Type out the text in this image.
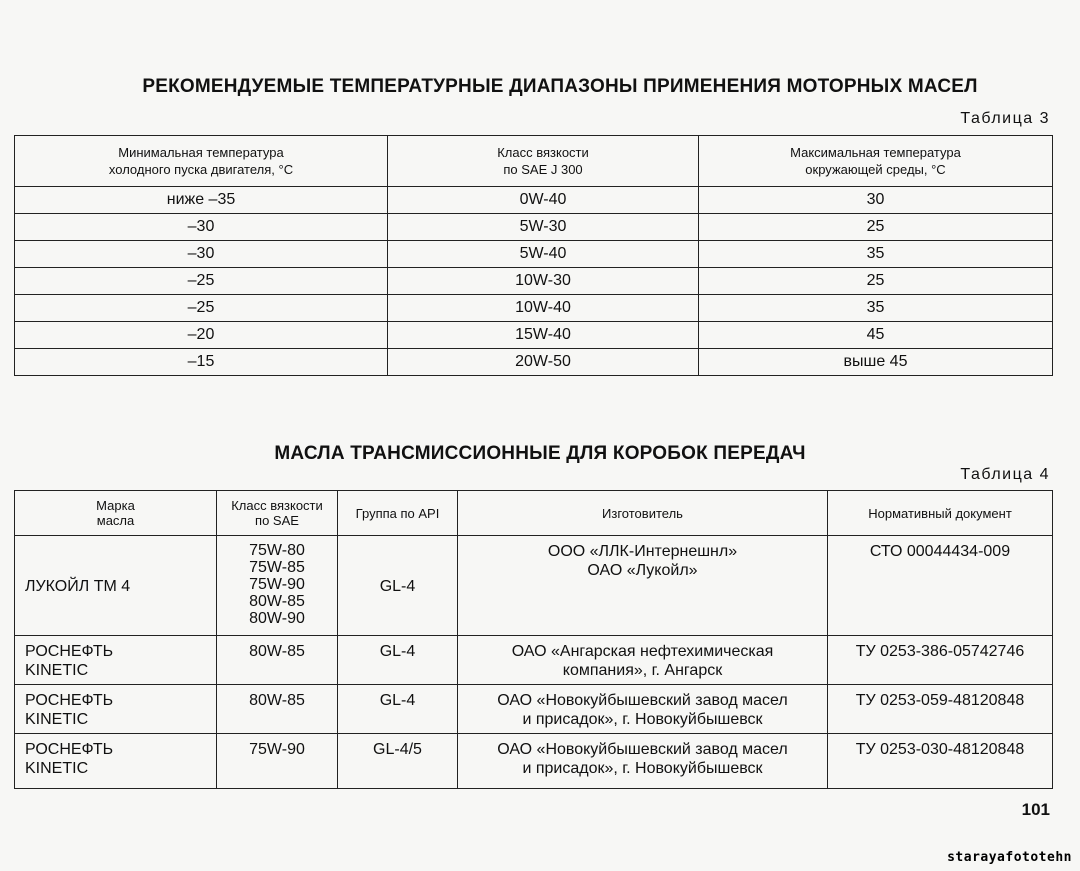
РЕКОМЕНДУЕМЫЕ ТЕМПЕРАТУРНЫЕ ДИАПАЗОНЫ ПРИМЕНЕНИЯ МОТОРНЫХ МАСЕЛ
Таблица 3
Минимальная температура
холодного пуска двигателя, °С	Класс вязкости
по SAE J 300	Максимальная температура
окружающей среды, °С

ниже –35	0W-40	30
–30	5W-30	25
–30	5W-40	35
–25	10W-30	25
–25	10W-40	35
–20	15W-40	45
–15	20W-50	выше 45
МАСЛА ТРАНСМИССИОННЫЕ ДЛЯ КОРОБОК ПЕРЕДАЧ
Таблица 4
Марка
масла	Класс вязкости
по SAE	Группа по API	Изготовитель	Нормативный документ

ЛУКОЙЛ ТМ 4	75W-80
75W-85
75W-90
80W-85
80W-90	GL-4	ООО «ЛЛК-Интернешнл»
ОАО «Лукойл»	СТО 00044434-009

РОСНЕФТЬ
KINETIC	80W-85	GL-4	ОАО «Ангарская нефтехимическая
компания», г. Ангарск	ТУ 0253-386-05742746

РОСНЕФТЬ
KINETIC	80W-85	GL-4	ОАО «Новокуйбышевский завод масел
и присадок», г. Новокуйбышевск	ТУ 0253-059-48120848

РОСНЕФТЬ
KINETIC	75W-90	GL-4/5	ОАО «Новокуйбышевский завод масел
и присадок», г. Новокуйбышевск	ТУ 0253-030-48120848
101
starayafototehn
